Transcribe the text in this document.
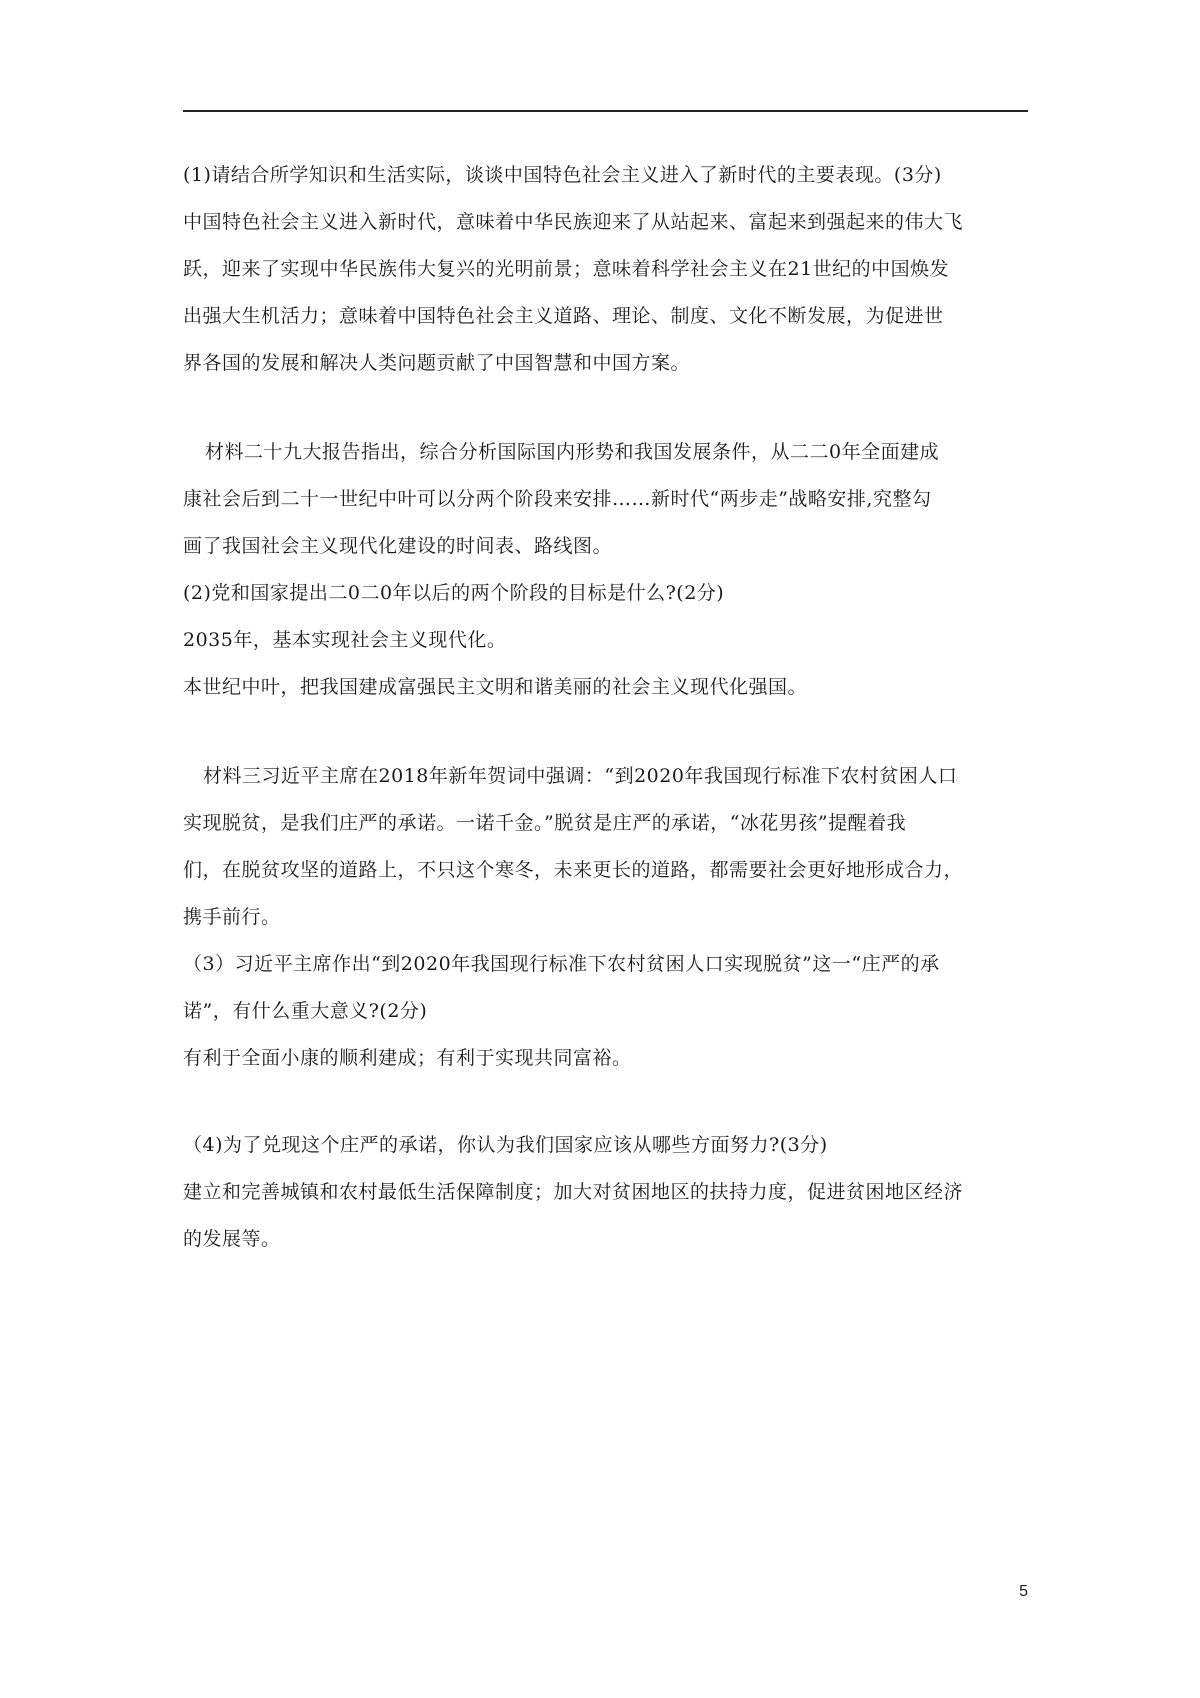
(1)请结合所学知识和生活实际，谈谈中国特色社会主义进入了新时代的主要表现。(3分)
中国特色社会主义进入新时代，意味着中华民族迎来了从站起来、富起来到强起来的伟大飞
跃，迎来了实现中华民族伟大复兴的光明前景；意味着科学社会主义在21世纪的中国焕发
出强大生机活力；意味着中国特色社会主义道路、理论、制度、文化不断发展，为促进世
界各国的发展和解决人类问题贡献了中国智慧和中国方案。
材料二十九大报告指出，综合分析国际国内形势和我国发展条件，从二二0年全面建成
康社会后到二十一世纪中叶可以分两个阶段来安排……新时代“两步走”战略安排,究整勾
画了我国社会主义现代化建设的时间表、路线图。
(2)党和国家提出二0二0年以后的两个阶段的目标是什么?(2分)
2035年，基本实现社会主义现代化。
本世纪中叶，把我国建成富强民主文明和谐美丽的社会主义现代化强国。
材料三习近平主席在2018年新年贺词中强调：“到2020年我国现行标准下农村贫困人口
实现脱贫，是我们庄严的承诺。一诺千金。”脱贫是庄严的承诺，“冰花男孩”提醒着我
们，在脱贫攻坚的道路上，不只这个寒冬，未来更长的道路，都需要社会更好地形成合力，
携手前行。
（3）习近平主席作出“到2020年我国现行标准下农村贫困人口实现脱贫”这一“庄严的承
诺”，有什么重大意义?(2分)
有利于全面小康的顺利建成；有利于实现共同富裕。
（4)为了兑现这个庄严的承诺，你认为我们国家应该从哪些方面努力?(3分)
建立和完善城镇和农村最低生活保障制度；加大对贫困地区的扶持力度，促进贫困地区经济
的发展等。
5
